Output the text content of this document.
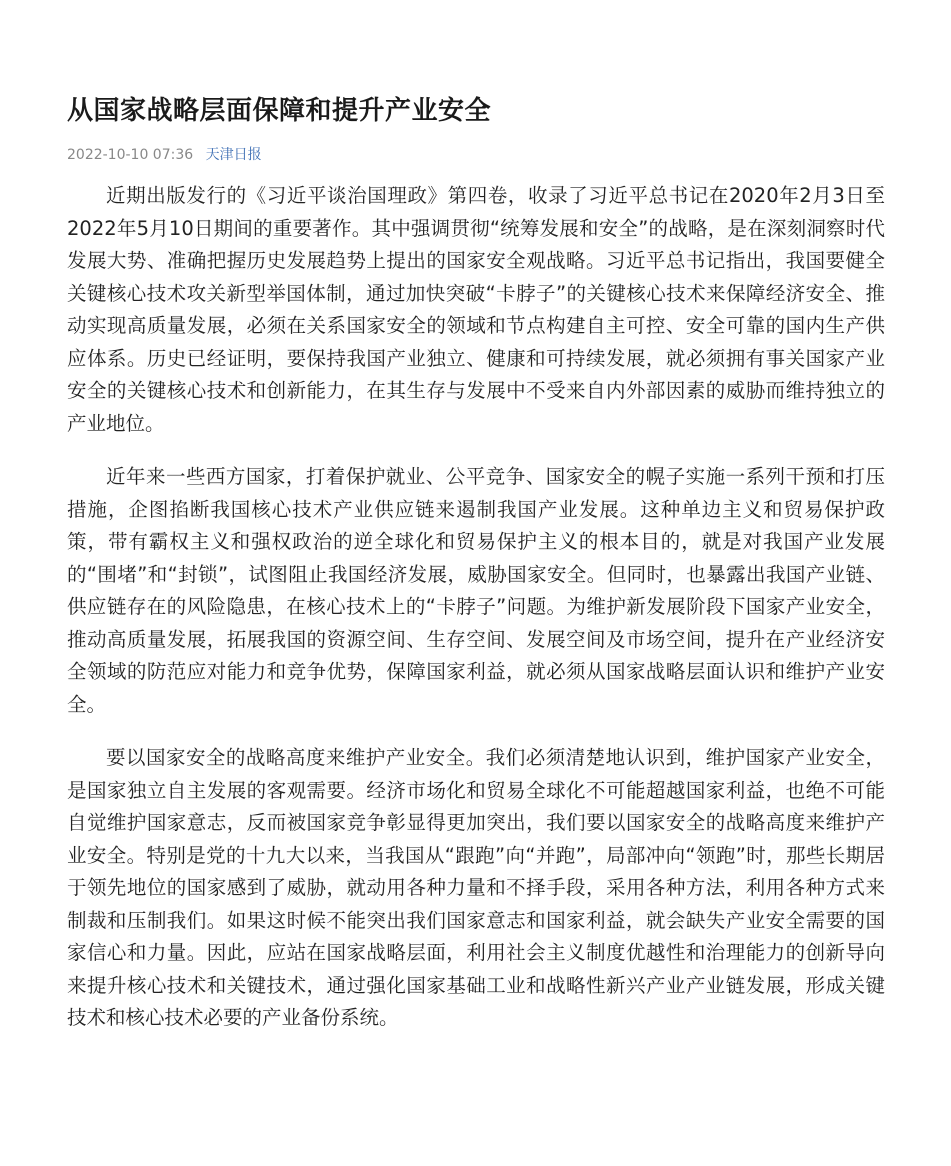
从国家战略层面保障和提升产业安全
2022-10-10 07:36 天津日报

近期出版发行的《习近平谈治国理政》第四卷，收录了习近平总书记在2020年2月3日至2022年5月10日期间的重要著作。其中强调贯彻“统筹发展和安全”的战略，是在深刻洞察时代发展大势、准确把握历史发展趋势上提出的国家安全观战略。习近平总书记指出，我国要健全关键核心技术攻关新型举国体制，通过加快突破“卡脖子”的关键核心技术来保障经济安全、推动实现高质量发展，必须在关系国家安全的领域和节点构建自主可控、安全可靠的国内生产供应体系。历史已经证明，要保持我国产业独立、健康和可持续发展，就必须拥有事关国家产业安全的关键核心技术和创新能力，在其生存与发展中不受来自内外部因素的威胁而维持独立的产业地位。

近年来一些西方国家，打着保护就业、公平竞争、国家安全的幌子实施一系列干预和打压措施，企图掐断我国核心技术产业供应链来遏制我国产业发展。这种单边主义和贸易保护政策，带有霸权主义和强权政治的逆全球化和贸易保护主义的根本目的，就是对我国产业发展的“围堵”和“封锁”，试图阻止我国经济发展，威胁国家安全。但同时，也暴露出我国产业链、供应链存在的风险隐患，在核心技术上的“卡脖子”问题。为维护新发展阶段下国家产业安全，推动高质量发展，拓展我国的资源空间、生存空间、发展空间及市场空间，提升在产业经济安全领域的防范应对能力和竞争优势，保障国家利益，就必须从国家战略层面认识和维护产业安全。

要以国家安全的战略高度来维护产业安全。我们必须清楚地认识到，维护国家产业安全，是国家独立自主发展的客观需要。经济市场化和贸易全球化不可能超越国家利益，也绝不可能自觉维护国家意志，反而被国家竞争彰显得更加突出，我们要以国家安全的战略高度来维护产业安全。特别是党的十九大以来，当我国从“跟跑”向“并跑”，局部冲向“领跑”时，那些长期居于领先地位的国家感到了威胁，就动用各种力量和不择手段，采用各种方法，利用各种方式来制裁和压制我们。如果这时候不能突出我们国家意志和国家利益，就会缺失产业安全需要的国家信心和力量。因此，应站在国家战略层面，利用社会主义制度优越性和治理能力的创新导向来提升核心技术和关键技术，通过强化国家基础工业和战略性新兴产业产业链发展，形成关键技术和核心技术必要的产业备份系统。
